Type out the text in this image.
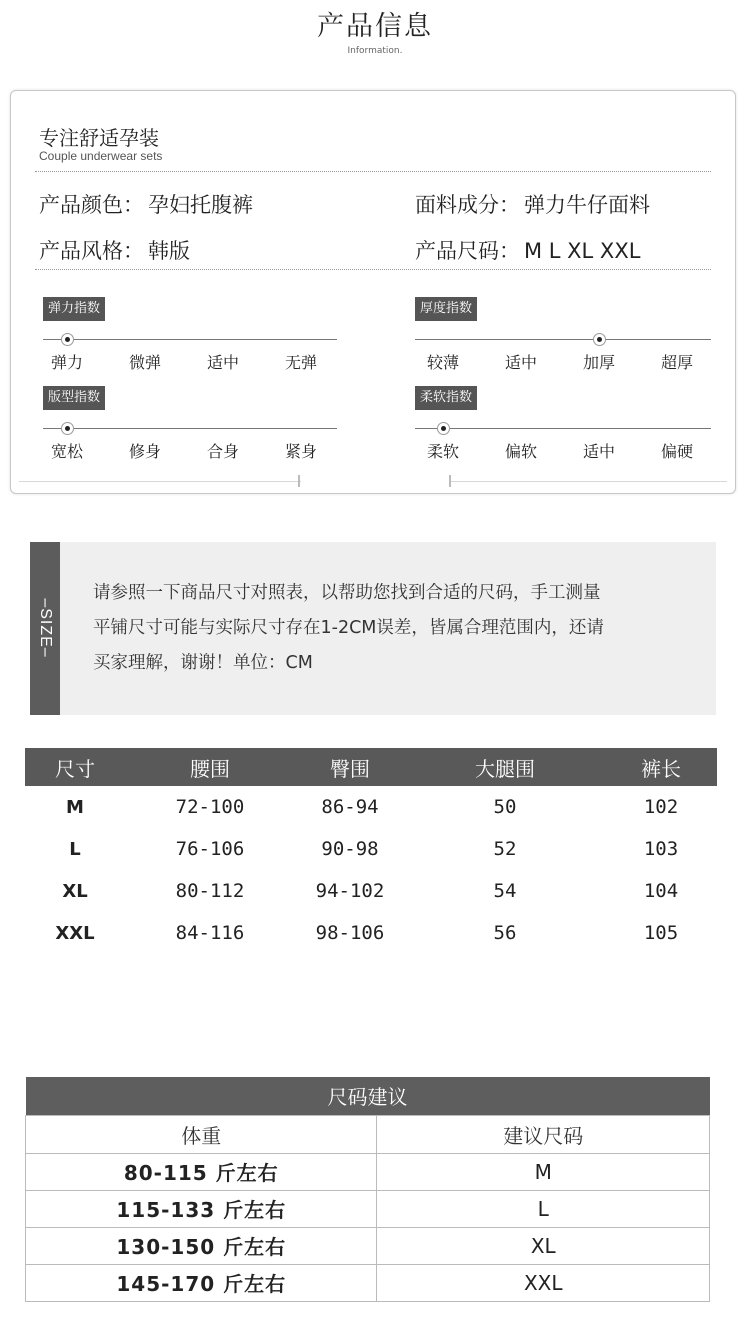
产品信息
Information.
专注舒适孕装
Couple underwear sets
产品颜色： 孕妇托腹裤	面料成分： 弹力牛仔面料
产品风格： 韩版	产品尺码： M L XL XXL
弹力指数
弹力	微弹	适中	无弹
厚度指数
较薄	适中	加厚	超厚
版型指数
宽松	修身	合身	紧身
柔软指数
柔软	偏软	适中	偏硬
–SIZE–
请参照一下商品尺寸对照表，以帮助您找到合适的尺码，手工测量
平铺尺寸可能与实际尺寸存在1-2CM误差，皆属合理范围内，还请
买家理解，谢谢！单位：CM
尺寸	腰围	臀围	大腿围	裤长
M	72-100	86-94	50	102
L	76-106	90-98	52	103
XL	80-112	94-102	54	104
XXL	84-116	98-106	56	105
尺码建议	
体重	建议尺码
80-115 斤左右	M
115-133 斤左右	L
130-150 斤左右	XL
145-170 斤左右	XXL
